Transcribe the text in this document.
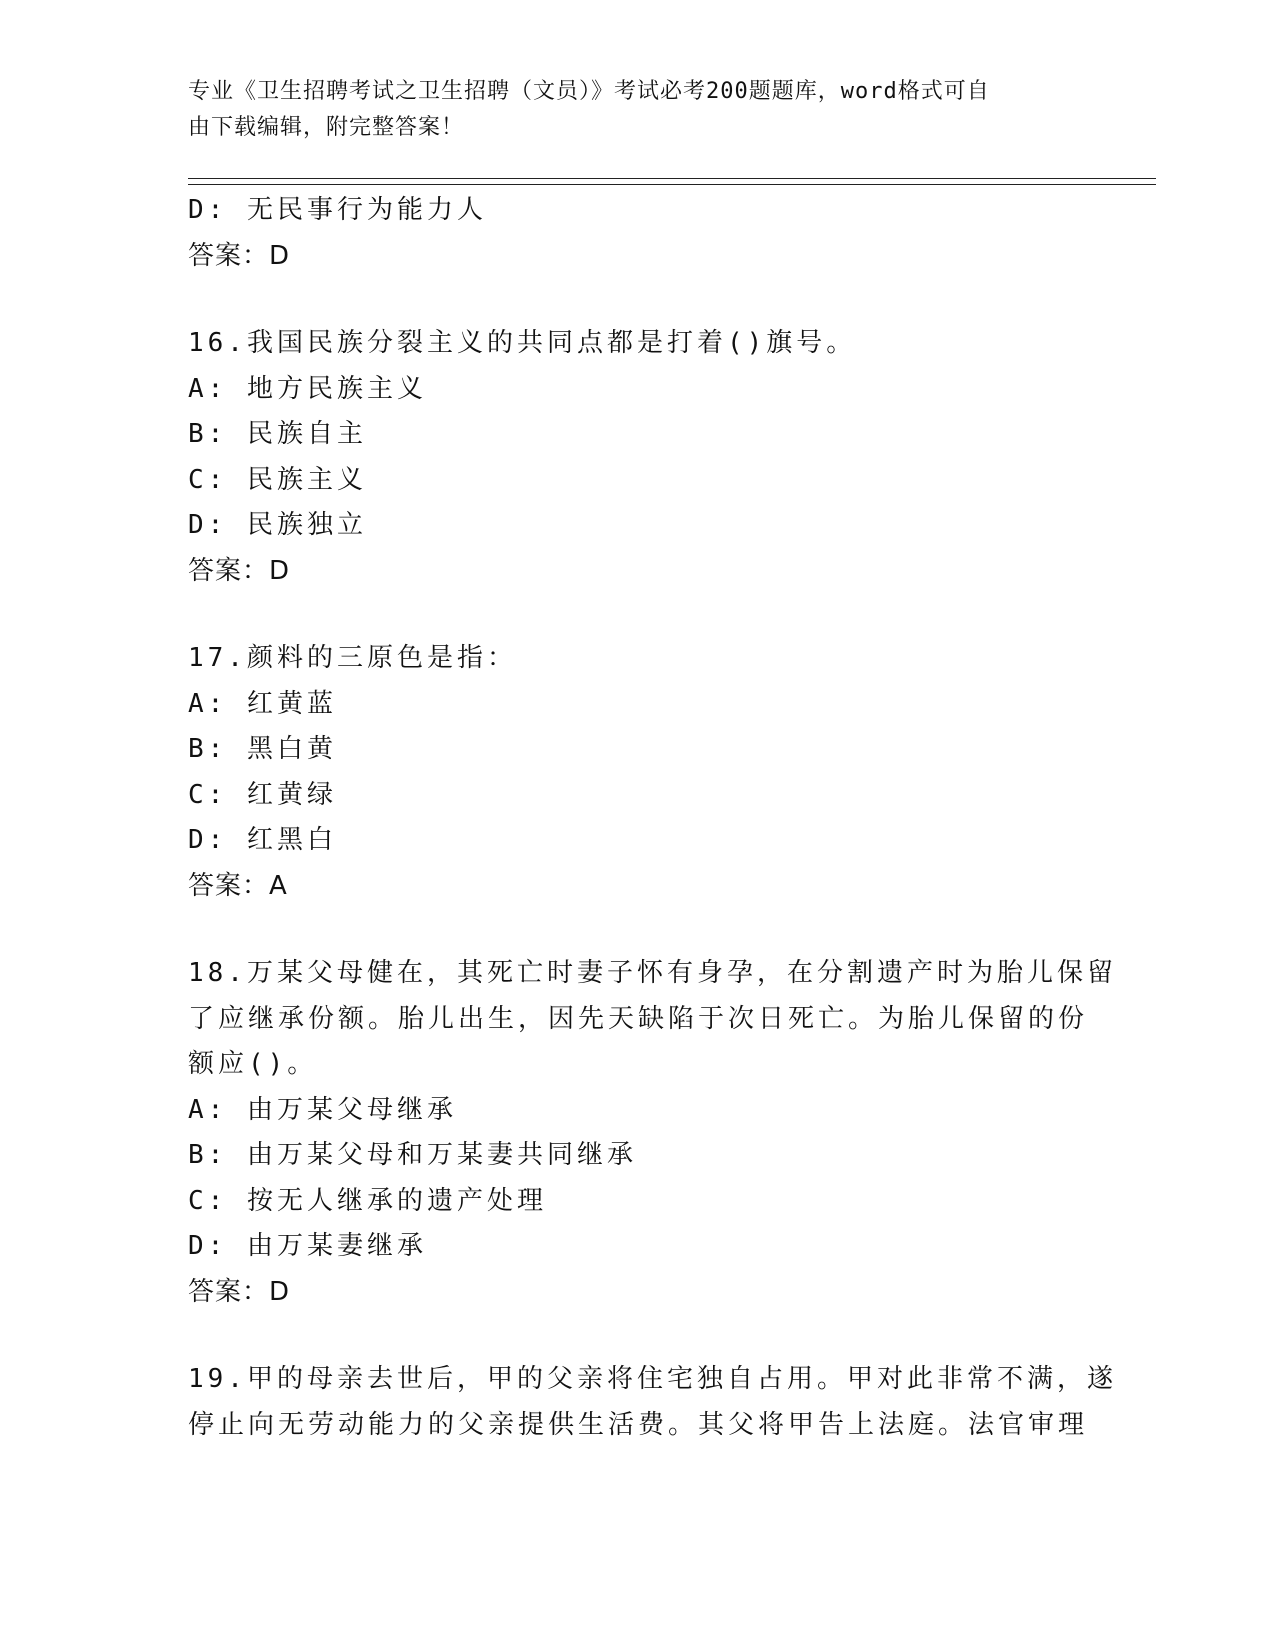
专业《卫生招聘考试之卫生招聘（文员）》考试必考200题题库，word格式可自
由下载编辑，附完整答案！
D: 无民事行为能力人
答案：D
16.我国民族分裂主义的共同点都是打着()旗号。
A: 地方民族主义
B: 民族自主
C: 民族主义
D: 民族独立
答案：D
17.颜料的三原色是指：
A: 红黄蓝
B: 黑白黄
C: 红黄绿
D: 红黑白
答案：A
18.万某父母健在，其死亡时妻子怀有身孕，在分割遗产时为胎儿保留
了应继承份额。胎儿出生，因先天缺陷于次日死亡。为胎儿保留的份
额应()。
A: 由万某父母继承
B: 由万某父母和万某妻共同继承
C: 按无人继承的遗产处理
D: 由万某妻继承
答案：D
19.甲的母亲去世后，甲的父亲将住宅独自占用。甲对此非常不满，遂
停止向无劳动能力的父亲提供生活费。其父将甲告上法庭。法官审理
